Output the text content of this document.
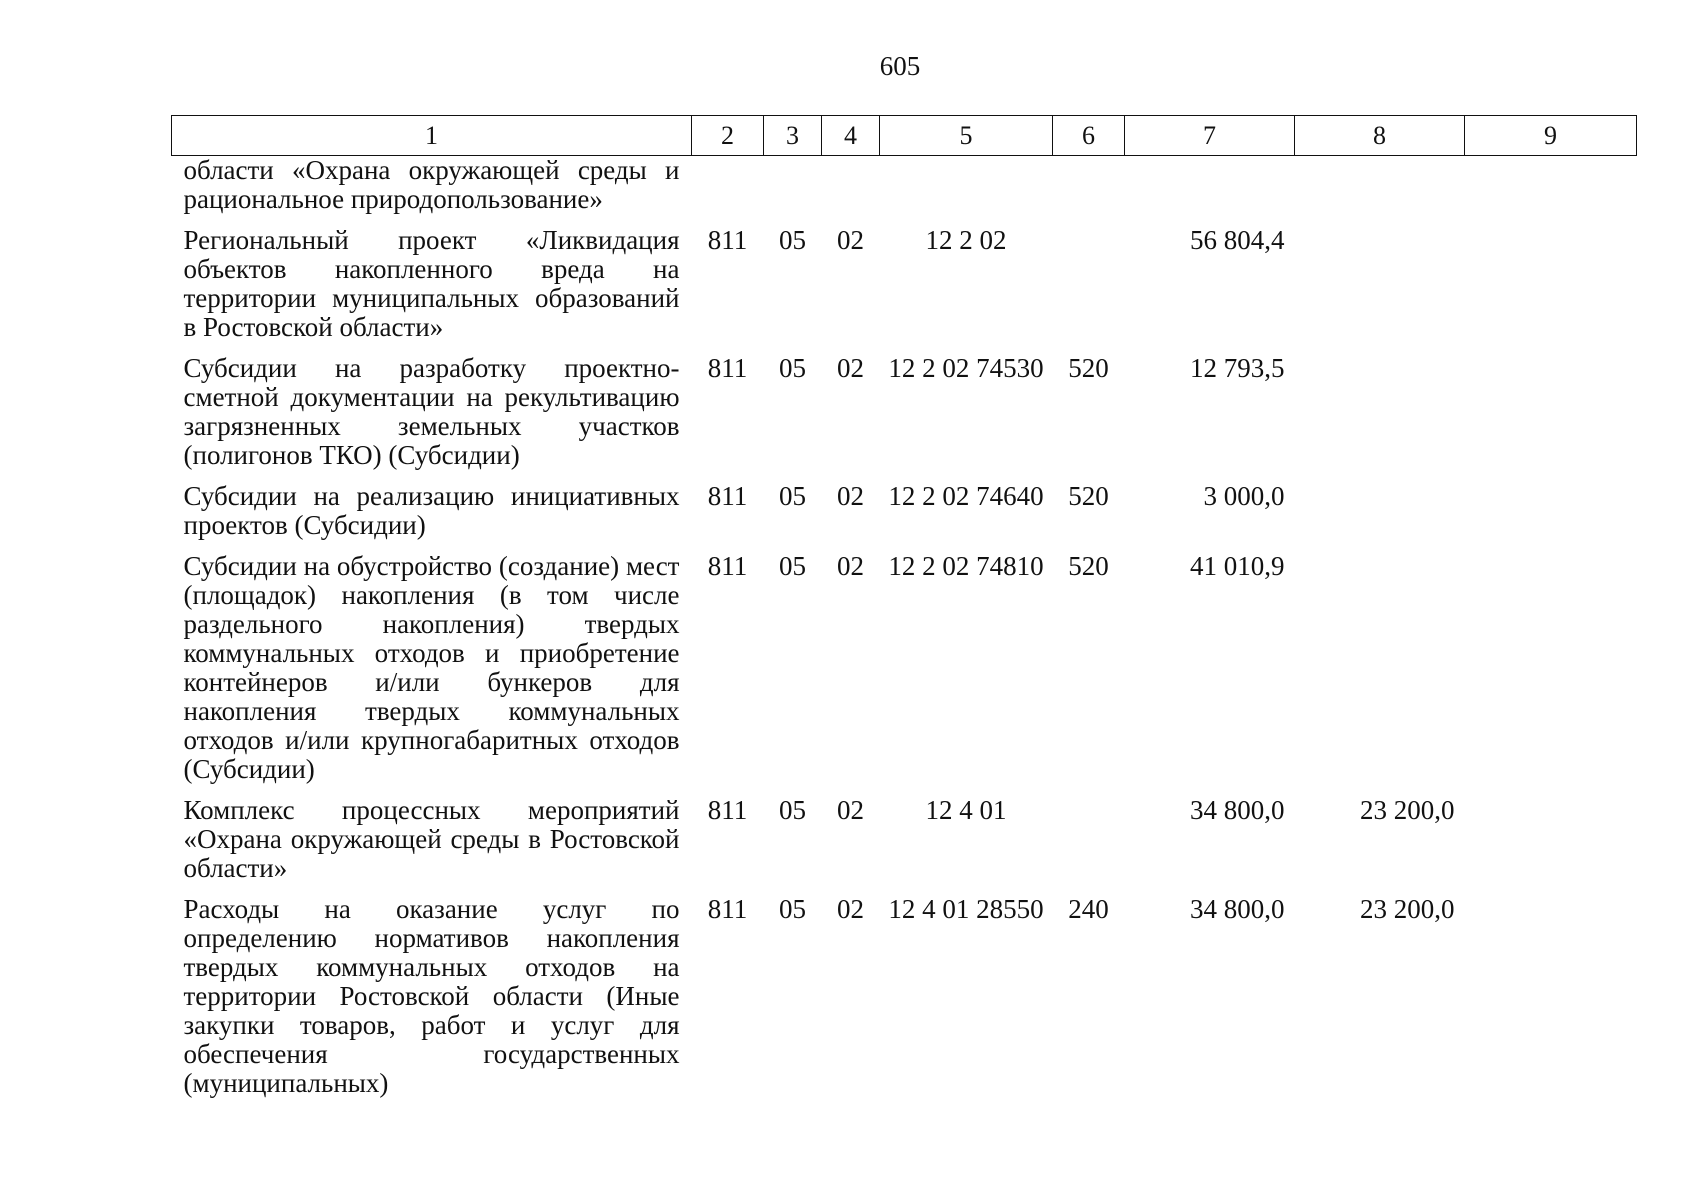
605
1	2	3	4	5	6	7	8	9
области «Охрана окружающей среды и рациональное природопользование»								
Региональный проект «Ликвидация объектов накопленного вреда на территории муниципальных образований в Ростовской области»	811	05	02	12 2 02		56 804,4		
Субсидии на разработку проектно-сметной документации на рекультивацию загрязненных земельных участков (полигонов ТКО) (Субсидии)	811	05	02	12 2 02 74530	520	12 793,5		
Субсидии на реализацию инициативных проектов (Субсидии)	811	05	02	12 2 02 74640	520	3 000,0		
Субсидии на обустройство (создание) мест (площадок) накопления (в том числе раздельного накопления) твердых коммунальных отходов и приобретение контейнеров и/или бункеров для накопления твердых коммунальных отходов и/или крупногабаритных отходов (Субсидии)	811	05	02	12 2 02 74810	520	41 010,9		
Комплекс процессных мероприятий «Охрана окружающей среды в Ростовской области»	811	05	02	12 4 01		34 800,0	23 200,0	
Расходы на оказание услуг по определению нормативов накопления твердых коммунальных отходов на территории Ростовской области (Иные закупки товаров, работ и услуг для обеспечения государственных (муниципальных)	811	05	02	12 4 01 28550	240	34 800,0	23 200,0	
